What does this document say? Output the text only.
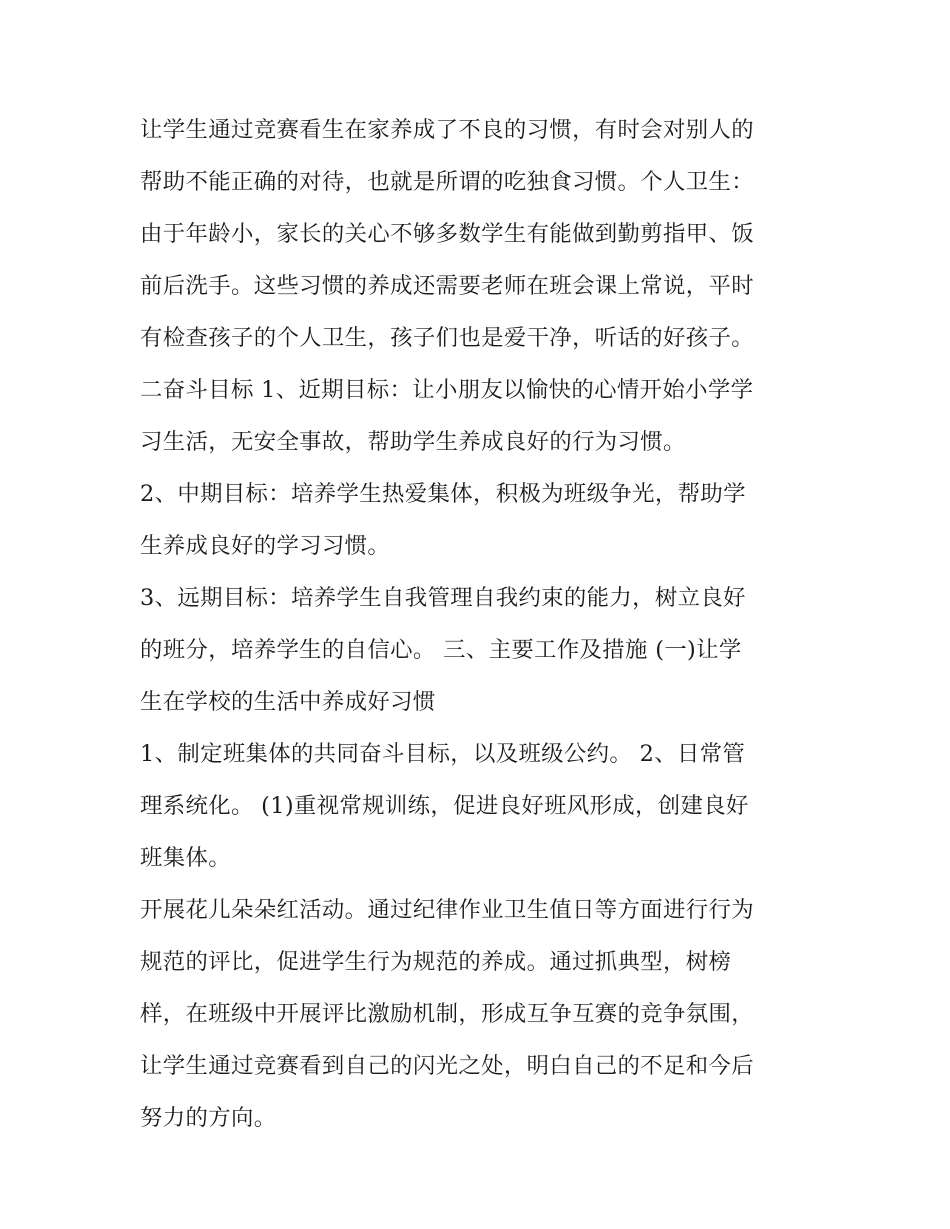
让学生通过竞赛看生在家养成了不良的习惯，有时会对别人的
帮助不能正确的对待，也就是所谓的吃独食习惯。个人卫生：
由于年龄小，家长的关心不够多数学生有能做到勤剪指甲、饭
前后洗手。这些习惯的养成还需要老师在班会课上常说，平时
有检查孩子的个人卫生，孩子们也是爱干净，听话的好孩子。
二奋斗目标 1、近期目标：让小朋友以愉快的心情开始小学学
习生活，无安全事故，帮助学生养成良好的行为习惯。
2、中期目标：培养学生热爱集体，积极为班级争光，帮助学
生养成良好的学习习惯。
3、远期目标：培养学生自我管理自我约束的能力，树立良好
的班分，培养学生的自信心。 三、主要工作及措施 (一)让学
生在学校的生活中养成好习惯
1、制定班集体的共同奋斗目标，以及班级公约。 2、日常管
理系统化。 (1)重视常规训练，促进良好班风形成，创建良好
班集体。
开展花儿朵朵红活动。通过纪律作业卫生值日等方面进行行为
规范的评比，促进学生行为规范的养成。通过抓典型，树榜
样，在班级中开展评比激励机制，形成互争互赛的竞争氛围，
让学生通过竞赛看到自己的闪光之处，明白自己的不足和今后
努力的方向。
